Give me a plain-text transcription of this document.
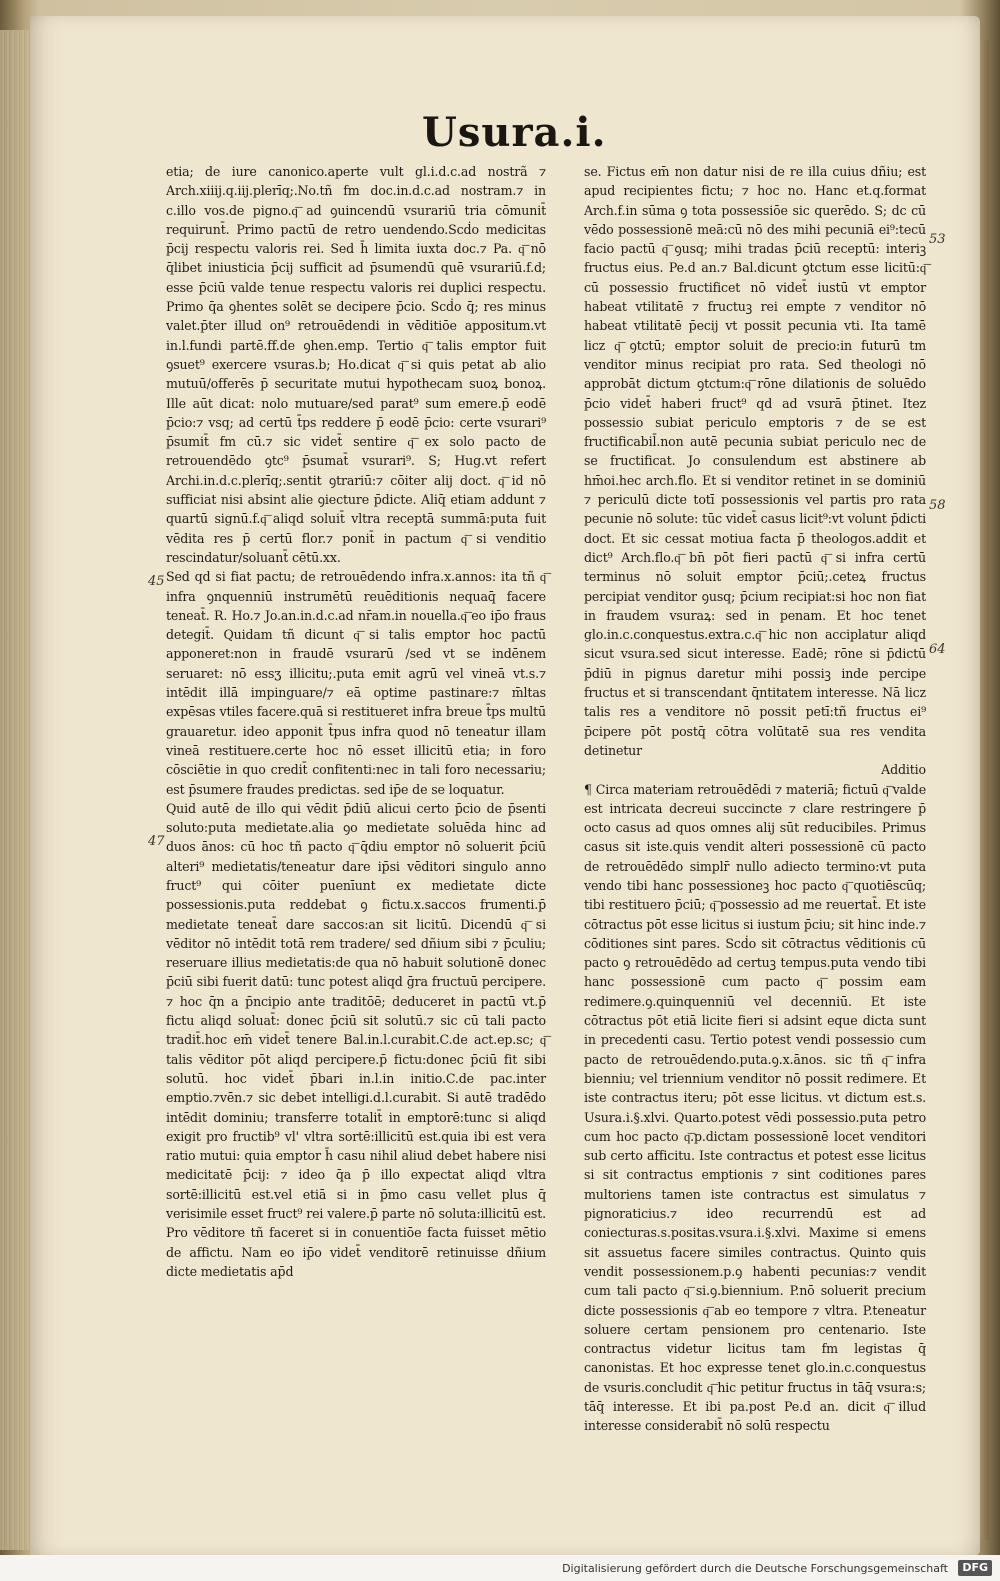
Usura.i.

etia; de iure canonico.aperte vult gl.i.d.c.ad nostrã ⁊ Arch.xiiij.q.iij.plerīq;.No.tñ fm doc.in.d.c.ad nostram.⁊ in c.illo vos.de pigno.q͞ ad ꝯuincendū vsurariū tria cōmunit̄ requirunt̄. Primo pactū de retro uendendo.Scḋo medicitas p̄cij respectu valoris rei. Sed h̄ limita iuxta doc.⁊ Pa. q͞ nō q̄libet iniusticia p̄cij sufficit ad p̄sumendū quē vsurariū.f.d; esse p̄ciū valde tenue respectu valoris rei duplici respectu. Primo q̄a ꝯhentes solēt se decipere p̄cio. Scḋo q̄; res minus valet.p̄ter illud on⁹ retrouēdendi in vēditiōe appositum.vt in.l.fundi partē.ff.de ꝯhen.emp. Tertio q͞ talis emptor fuit ꝯsuet⁹ exercere vsuras.b; Ho.dicat q͞ si quis petat ab alio mutuū/offerēs p̄ securitate mutui hypothecam suoꝝ bonoꝝ. Ille aūt dicat: nolo mutuare/sed parat⁹ sum emere.p̄ eodē p̄cio:⁊ vsq; ad certū t̄ps reddere p̄ eodē p̄cio: certe vsurari⁹ p̄sumit̄ fm cū.⁊ sic videt̄ sentire q͞ ex solo pacto de retrouendēdo ꝯtc⁹ p̄sumat̄ vsurari⁹. S; Hug.vt refert Archi.in.d.c.plerīq;.sentit ꝯtrariū:⁊ cōiter alij doct. q͞ id nō sufficiat nisi absint alie ꝯiecture p̄dicte. Aliq̄ etiam addunt ⁊ quartū signū.f.q͞ aliqd soluit̄ vltra receptā summā:puta fuit vēdita res p̄ certū flor.⁊ ponit̄ in pactum q͞ si venditio rescindatur/soluant̄ cētū.xx.

Sed qd si fiat pactu; de retrouēdendo infra.x.annos: ita tñ q͞ infra ꝯnquenniū instrumētū reuēditionis nequaq̄ facere teneat̄. R. Ho.⁊ Jo.an.in.d.c.ad nr̄am.in nouella.q͞ eo ip̄o fraus detegit̄. Quidam tñ dicunt q͞ si talis emptor hoc pactū apponeret:non in fraudē vsurarū /sed vt se indēnem seruaret: nō essʒ illicitu;.puta emit agrū vel vineā vt.s.⁊ intēdit illā impinguare/⁊ eā optime pastinare:⁊ m̄ltas expēsas vtiles facere.quā si restitueret infra breue t̄ps multū grauaretur. ideo apponit t̄pus infra quod nō teneatur illam vineā restituere.certe hoc nō esset illicitū etia; in foro cōsciētie in quo credit̄ confitenti:nec in tali foro necessariu; est p̄sumere fraudes predictas. sed ip̄e de se loquatur.

Quid autē de illo qui vēdit p̄diū alicui certo p̄cio de p̄senti soluto:puta medietate.alia ꝯo medietate soluēda hinc ad duos ānos: cū hoc tñ pacto q͞ q̄diu emptor nō soluerit p̄ciū alteri⁹ medietatis/teneatur dare ip̄si vēditori singulo anno fruct⁹ qui cōiter puenīunt ex medietate dicte possessionis.puta reddebat ꝯ fictu.x.saccos frumenti.p̄ medietate teneat̄ dare saccos:an sit licitū. Dicendū q͞ si vēditor nō intēdit totā rem tradere/ sed dñium sibi ⁊ p̄culiu; reseruare illius medietatis:de qua nō habuit solutionē donec p̄ciū sibi fuerit datū: tunc potest aliqd ḡra fructuū percipere. ⁊ hoc q̄n a p̄ncipio ante traditōē; deduceret in pactū vt.p̄ fictu aliqd soluat̄: donec p̄ciū sit solutū.⁊ sic cū tali pacto tradit̄.hoc em̄ videt̄ tenere Bal.in.l.curabit.C.de act.ep.sc; q͞ talis vēditor pōt aliqd percipere.p̄ fictu:donec p̄ciū fit sibi solutū. hoc videt̄ p̄bari in.l.in initio.C.de pac.inter emptio.⁊vēn.⁊ sic debet intelligi.d.l.curabit. Si autē tradēdo intēdit dominiu; transferre totalit̄ in emptorē:tunc si aliqd exigit pro fructib⁹ vl' vltra sortē:illicitū est.quia ibi est vera ratio mutui: quia emptor h̄ casu nihil aliud debet habere nisi medicitatē p̄cij: ⁊ ideo q̄a p̄ illo expectat aliqd vltra sortē:illicitū est.vel etiā si in p̄mo casu vellet plus q̄ verisimile esset fruct⁹ rei valere.p̄ parte nō soluta:illicitū est. Pro vēditore tñ faceret si in conuentiōe facta fuisset mētio de affictu. Nam eo ip̄o videt̄ venditorē retinuisse dñium dicte medietatis ap̄d

se. Fictus em̄ non datur nisi de re illa cuius dñiu; est apud recipientes fictu; ⁊ hoc no. Hanc et.q.format Arch.f.in sūma ꝯ tota possessiōe sic querēdo. S; dc cū vēdo possessionē meā:cū nō des mihi pecuniā ei⁹:tecū facio pactū q͞ ꝯusq; mihi tradas p̄ciū receptū: interiꝫ fructus eius. Pe.d an.⁊ Bal.dicunt ꝯtctum esse licitū:q͞ cū possessio fructificet nō videt̄ iustū vt emptor habeat vtilitatē ⁊ fructuꝫ rei empte ⁊ venditor nō habeat vtilitatē p̄ecij vt possit pecunia vti. Ita tamē licz q͞ ꝯtctū; emptor soluit de precio:in futurū tm venditor minus recipiat pro rata. Sed theologi nō approbāt dictum ꝯtctum:q͞ rōne dilationis de soluēdo p̄cio videt̄ haberi fruct⁹ qd ad vsurā p̄tinet. Itez possessio subiat periculo emptoris ⁊ de se est fructificabil̄.non autē pecunia subiat periculo nec de se fructificat. Jo consulendum est abstinere ab hm̄oi.hec arch.flo. Et si venditor retinet in se dominiū ⁊ periculū dicte totī possessionis vel partis pro rata pecunie nō solute: tūc videt̄ casus licit⁹:vt volunt p̄dicti doct. Et sic cessat motiua facta p̄ theologos.addit et dict⁹ Arch.flo.q͞ bn̄ pōt fieri pactū q͞ si infra certū terminus nō soluit emptor p̄ciū;.ceteꝝ fructus percipiat venditor ꝯusq; p̄cium recipiat:si hoc non fiat in fraudem vsuraꝝ: sed in penam. Et hoc tenet glo.in.c.conquestus.extra.c.q͞ hic non acciplatur aliqd sicut vsura.sed sicut interesse. Eadē; rōne si p̄dictū p̄diū in pignus daretur mihi possiꝫ inde percipe fructus et si transcendant q̄ntitatem interesse. Nā licz talis res a venditore nō possit petī:tñ fructus ei⁹ p̄cipere pōt postq̄ cōtra volūtatē sua res vendita detinetur

Additio

¶ Circa materiam retrouēdēdi ⁊ materiā; fictuū q͞ valde est intricata decreui succincte ⁊ clare restringere p̄ octo casus ad quos omnes alij sūt reducibiles. Primus casus sit iste.quis vendit alteri possessionē cū pacto de retrouēdēdo simplr̄ nullo adiecto termino:vt puta vendo tibi hanc possessioneꝫ hoc pacto q͞ quotiēscūq; tibi restituero p̄ciū; q͞ possessio ad me reuertat̄. Et iste cōtractus pōt esse licitus si iustum p̄ciu; sit hinc inde.⁊ cōditiones sint pares. Scḋo sit cōtractus vēditionis cū pacto ꝯ retrouēdēdo ad certuꝫ tempus.puta vendo tibi hanc possessionē cum pacto q͞ possim eam redimere.ꝯ.quinquenniū vel decenniū. Et iste cōtractus pōt etiā licite fieri si adsint eque dicta sunt in precedenti casu. Tertio potest vendi possessio cum pacto de retrouēdendo.puta.ꝯ.x.ānos. sic tñ q͞ infra bienniu; vel triennium venditor nō possit redimere. Et iste contractus iteru; pōt esse licitus. vt dictum est.s. Usura.i.§.xlvi. Quarto.potest vēdi possessio.puta petro cum hoc pacto q͞.p.dictam possessionē locet venditori sub certo afficitu. Iste contractus et potest esse licitus si sit contractus emptionis ⁊ sint coditiones pares multoriens tamen iste contractus est simulatus ⁊ pignoraticius.⁊ ideo recurrendū est ad coniecturas.s.positas.vsura.i.§.xlvi. Maxime si emens sit assuetus facere similes contractus. Quinto quis vendit possessionem.p.ꝯ habenti pecunias:⁊ vendit cum tali pacto q͞ si.ꝯ.biennium. P.nō soluerit precium dicte possessionis q͞ ab eo tempore ⁊ vltra. P.teneatur soluere certam pensionem pro centenario. Iste contractus videtur licitus tam fm legistas q̄ canonistas. Et hoc expresse tenet glo.in.c.conquestus de vsuris.concludit q͞ hic petitur fructus in tāq̄ vsura:s; tāq̄ interesse. Et ibi pa.post Pe.d an. dicit q͞ illud interesse considerabit̄ nō solū respectu

45
47
53
58
64
Digitalisierung gefördert durch die Deutsche Forschungsgemeinschaft	DFG
